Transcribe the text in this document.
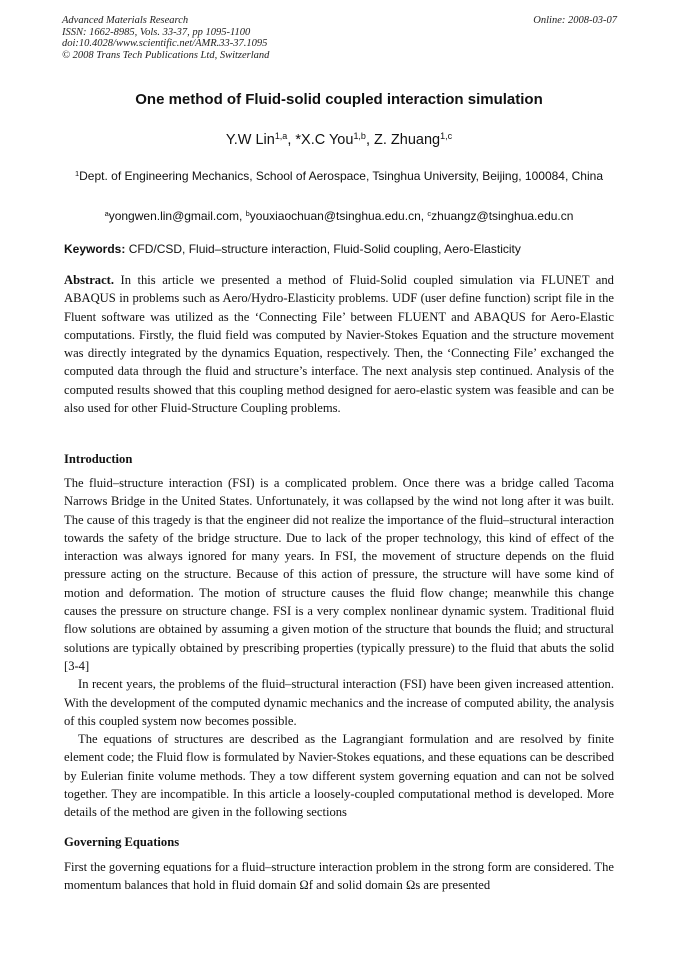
Advanced Materials Research
ISSN: 1662-8985, Vols. 33-37, pp 1095-1100
doi:10.4028/www.scientific.net/AMR.33-37.1095
© 2008 Trans Tech Publications Ltd, Switzerland
Online: 2008-03-07
One method of Fluid-solid coupled interaction simulation
Y.W Lin$^{1,a}$, *X.C You$^{1,b}$, Z. Zhuang$^{1,c}$
$^1$Dept. of Engineering Mechanics, School of Aerospace, Tsinghua University, Beijing, 100084, China
$^a$yongwen.lin@gmail.com, $^b$youxiaochuan@tsinghua.edu.cn, $^c$zhuangz@tsinghua.edu.cn
Keywords: CFD/CSD, Fluid–structure interaction, Fluid-Solid coupling, Aero-Elasticity

Abstract. In this article we presented a method of Fluid-Solid coupled simulation via FLUNET and ABAQUS in problems such as Aero/Hydro-Elasticity problems. UDF (user define function) script file in the Fluent software was utilized as the ‘Connecting File’ between FLUENT and ABAQUS for Aero-Elastic computations. Firstly, the fluid field was computed by Navier-Stokes Equation and the structure movement was directly integrated by the dynamics Equation, respectively. Then, the ‘Connecting File’ exchanged the computed data through the fluid and structure’s interface. The next analysis step continued. Analysis of the computed results showed that this coupling method designed for aero-elastic system was feasible and can be also used for other Fluid-Structure Coupling problems.

Introduction

The fluid–structure interaction (FSI) is a complicated problem. Once there was a bridge called Tacoma Narrows Bridge in the United States. Unfortunately, it was collapsed by the wind not long after it was built. The cause of this tragedy is that the engineer did not realize the importance of the fluid–structural interaction towards the safety of the bridge structure. Due to lack of the proper technology, this kind of effect of the interaction was always ignored for many years. In FSI, the movement of structure depends on the fluid pressure acting on the structure. Because of this action of pressure, the structure will have some kind of motion and deformation. The motion of structure causes the fluid flow change; meanwhile this change causes the pressure on structure change. FSI is a very complex nonlinear dynamic system. Traditional fluid flow solutions are obtained by assuming a given motion of the structure that bounds the fluid; and structural solutions are typically obtained by prescribing properties (typically pressure) to the fluid that abuts the solid [3-4]

In recent years, the problems of the fluid–structural interaction (FSI) have been given increased attention. With the development of the computed dynamic mechanics and the increase of computed ability, the analysis of this coupled system now becomes possible.

The equations of structures are described as the Lagrangiant formulation and are resolved by finite element code; the Fluid flow is formulated by Navier-Stokes equations, and these equations can be described by Eulerian finite volume methods. They a tow different system governing equation and can not be solved together. They are incompatible. In this article a loosely-coupled computational method is developed. More details of the method are given in the following sections

Governing Equations

First the governing equations for a fluid–structure interaction problem in the strong form are considered. The momentum balances that hold in fluid domain Ωf and solid domain Ωs are presented
